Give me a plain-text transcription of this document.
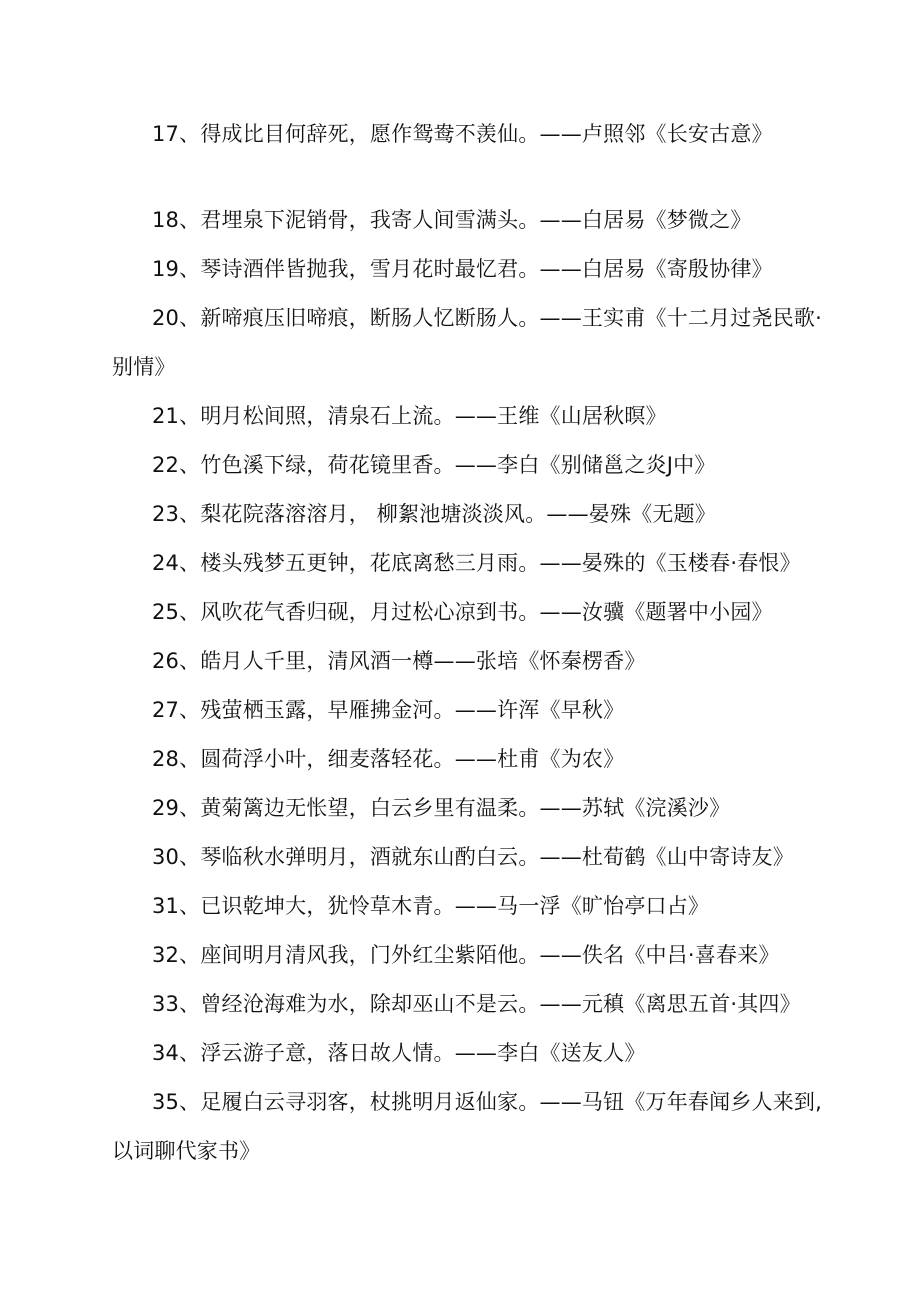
17、得成比目何辞死，愿作鸳鸯不羡仙。——卢照邻《长安古意》

18、君埋泉下泥销骨，我寄人间雪满头。——白居易《梦微之》

19、琴诗酒伴皆抛我，雪月花时最忆君。——白居易《寄殷协律》

20、新啼痕压旧啼痕，断肠人忆断肠人。——王实甫《十二月过尧民歌·别情》

21、明月松间照，清泉石上流。——王维《山居秋暝》

22、竹色溪下绿，荷花镜里香。——李白《别储邕之炎J中》

23、梨花院落溶溶月， 柳絮池塘淡淡风。——晏殊《无题》

24、楼头残梦五更钟，花底离愁三月雨。——晏殊的《玉楼春·春恨》

25、风吹花气香归砚，月过松心凉到书。——汝骥《题署中小园》

26、皓月人千里，清风酒一樽——张培《怀秦楞香》

27、残萤栖玉露，早雁拂金河。——许浑《早秋》

28、圆荷浮小叶，细麦落轻花。——杜甫《为农》

29、黄菊篱边无怅望，白云乡里有温柔。——苏轼《浣溪沙》

30、琴临秋水弹明月，酒就东山酌白云。——杜荀鹤《山中寄诗友》

31、已识乾坤大，犹怜草木青。——马一浮《旷怡亭口占》

32、座间明月清风我，门外红尘紫陌他。——佚名《中吕·喜春来》

33、曾经沧海难为水，除却巫山不是云。——元稹《离思五首·其四》

34、浮云游子意，落日故人情。——李白《送友人》

35、足履白云寻羽客，杖挑明月返仙家。——马钮《万年春闻乡人来到,以词聊代家书》
